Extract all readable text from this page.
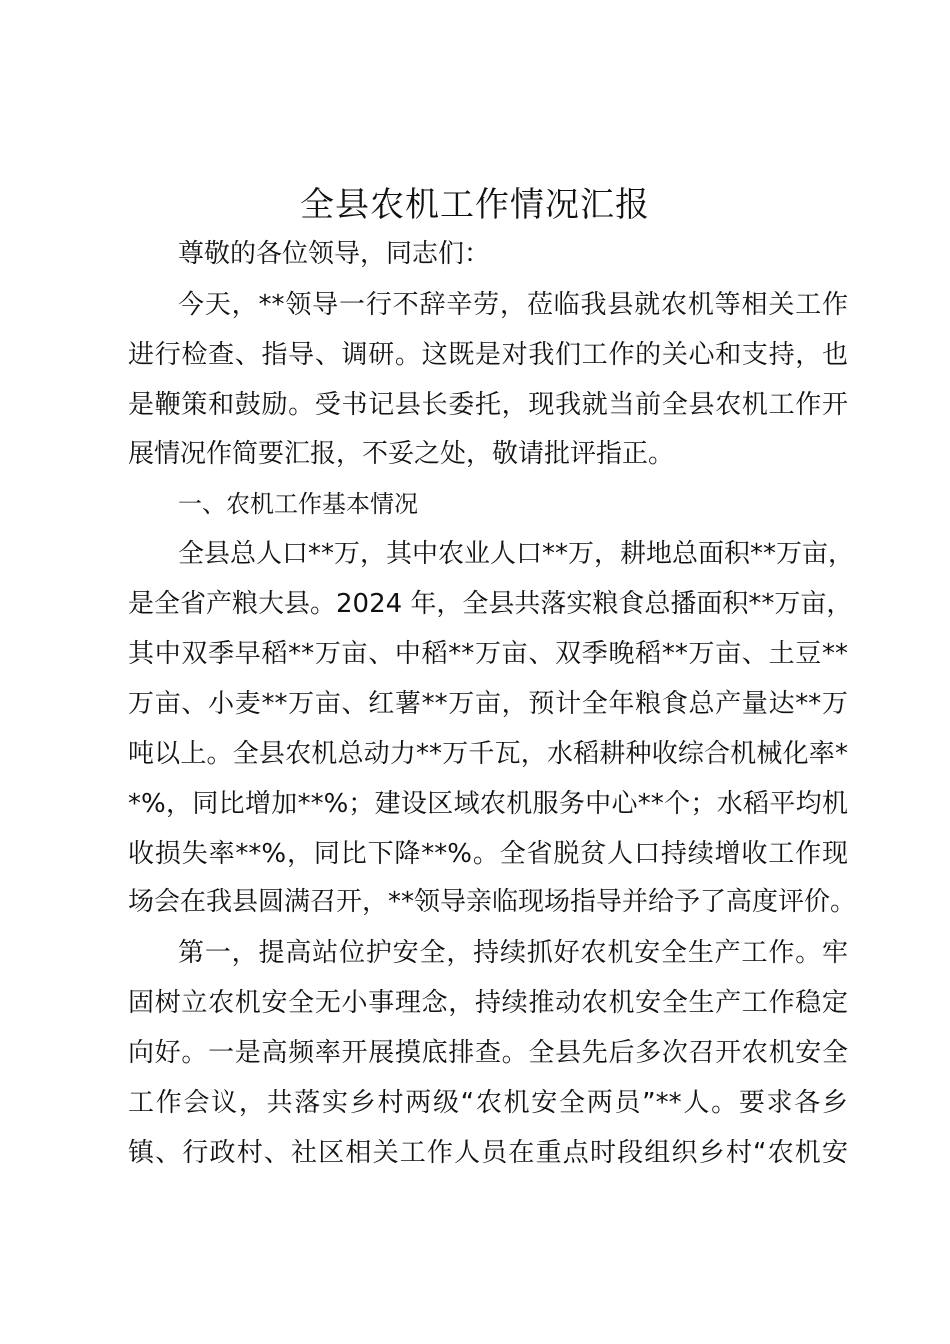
全县农机工作情况汇报

尊敬的各位领导，同志们：

今天，**领导一行不辞辛劳，莅临我县就农机等相关工作

进行检查、指导、调研。这既是对我们工作的关心和支持，也

是鞭策和鼓励。受书记县长委托，现我就当前全县农机工作开

展情况作简要汇报，不妥之处，敬请批评指正。

一、农机工作基本情况

全县总人口**万，其中农业人口**万，耕地总面积**万亩，

是全省产粮大县。2024 年，全县共落实粮食总播面积**万亩，

其中双季早稻**万亩、中稻**万亩、双季晚稻**万亩、土豆**

万亩、小麦**万亩、红薯**万亩，预计全年粮食总产量达**万

吨以上。全县农机总动力**万千瓦，水稻耕种收综合机械化率*

*%，同比增加**%；建设区域农机服务中心**个；水稻平均机

收损失率**%，同比下降**%。全省脱贫人口持续增收工作现

场会在我县圆满召开，**领导亲临现场指导并给予了高度评价。

第一，提高站位护安全，持续抓好农机安全生产工作。牢

固树立农机安全无小事理念，持续推动农机安全生产工作稳定

向好。一是高频率开展摸底排查。全县先后多次召开农机安全

工作会议，共落实乡村两级“农机安全两员”**人。要求各乡

镇、行政村、社区相关工作人员在重点时段组织乡村“农机安
